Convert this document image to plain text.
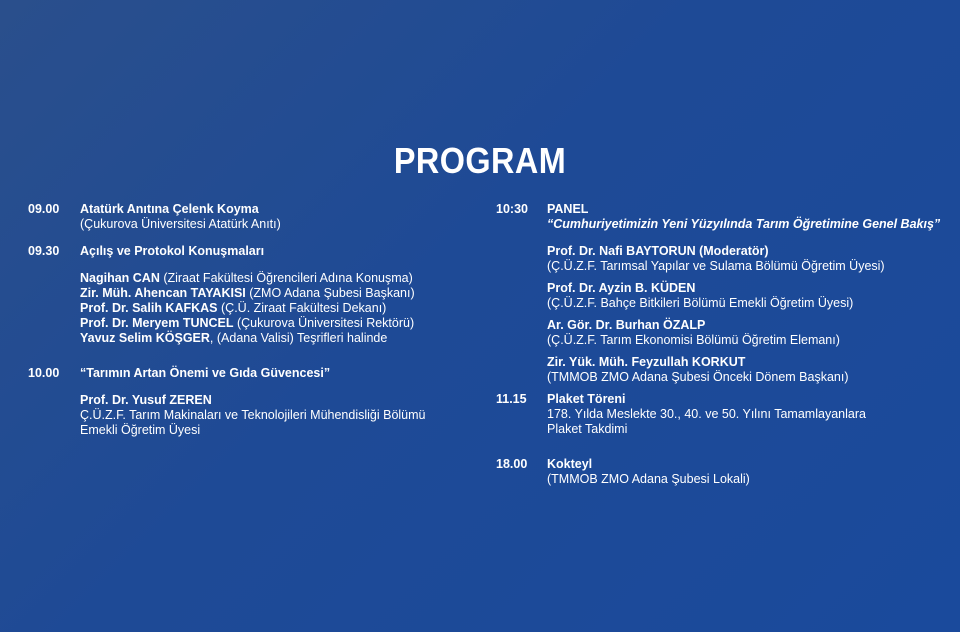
PROGRAM
09.00	Atatürk Anıtına Çelenk Koyma
(Çukurova Üniversitesi Atatürk Anıtı)
09.30	Açılış ve Protokol Konuşmaları
Nagihan CAN (Ziraat Fakültesi Öğrencileri Adına Konuşma)
Zir. Müh. Ahencan TAYAKISI (ZMO Adana Şubesi Başkanı)
Prof. Dr. Salih KAFKAS (Ç.Ü. Ziraat Fakültesi Dekanı)
Prof. Dr. Meryem TUNCEL (Çukurova Üniversitesi Rektörü)
Yavuz Selim KÖŞGER, (Adana Valisi) Teşrifleri halinde
10.00	“Tarımın Artan Önemi ve Gıda Güvencesi”
Prof. Dr. Yusuf ZEREN
Ç.Ü.Z.F. Tarım Makinaları ve Teknolojileri Mühendisliği Bölümü
Emekli Öğretim Üyesi
10:30	PANEL
“Cumhuriyetimizin Yeni Yüzyılında Tarım Öğretimine Genel Bakış”
Prof. Dr. Nafi BAYTORUN (Moderatör)
(Ç.Ü.Z.F. Tarımsal Yapılar ve Sulama Bölümü Öğretim Üyesi)
Prof. Dr. Ayzin B. KÜDEN
(Ç.Ü.Z.F. Bahçe Bitkileri Bölümü Emekli Öğretim Üyesi)
Ar. Gör. Dr. Burhan ÖZALP
(Ç.Ü.Z.F. Tarım Ekonomisi Bölümü Öğretim Elemanı)
Zir. Yük. Müh. Feyzullah KORKUT
(TMMOB ZMO Adana Şubesi Önceki Dönem Başkanı)
11.15	Plaket Töreni
178. Yılda Meslekte 30., 40. ve 50. Yılını Tamamlayanlara
Plaket Takdimi
18.00	Kokteyl
(TMMOB ZMO Adana Şubesi Lokali)
